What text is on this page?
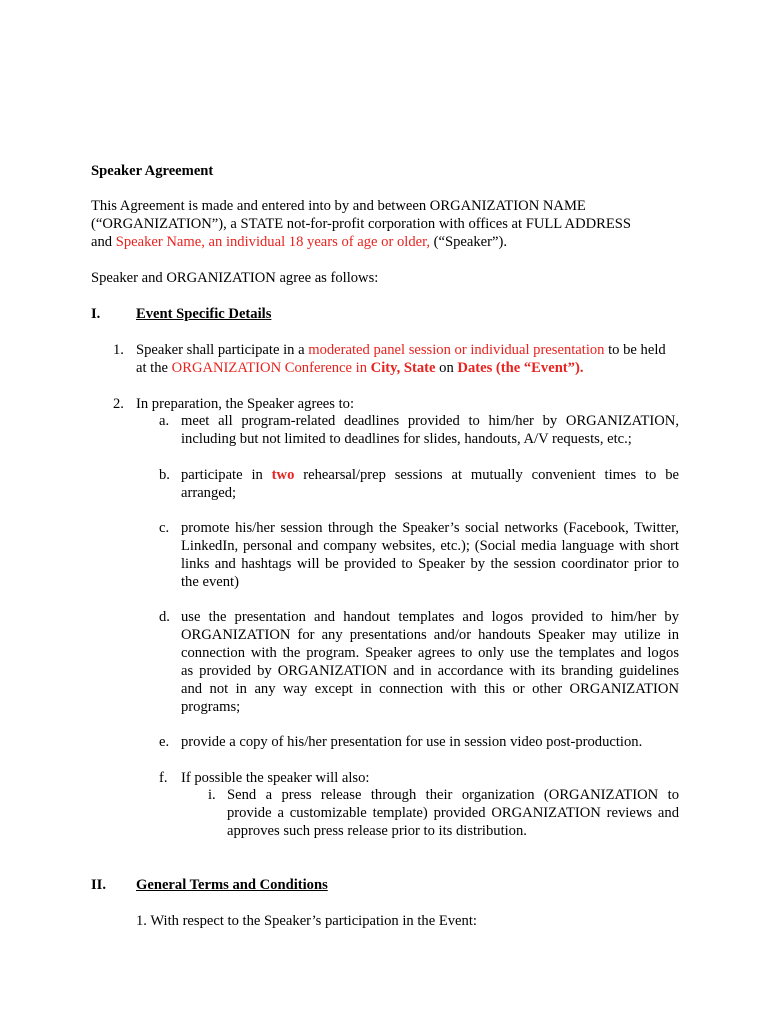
Speaker Agreement
This Agreement is made and entered into by and between ORGANIZATION NAME
(“ORGANIZATION”), a STATE not-for-profit corporation with offices at FULL ADDRESS
and Speaker Name, an individual 18 years of age or older, (“Speaker”).
Speaker and ORGANIZATION agree as follows:
I. Event Specific Details
1. Speaker shall participate in a moderated panel session or individual presentation to be held
at the ORGANIZATION Conference in City, State on Dates (the “Event”).
2. In preparation, the Speaker agrees to:
a. meet all program-related deadlines provided to him/her by ORGANIZATION,
including but not limited to deadlines for slides, handouts, A/V requests, etc.;
b. participate in two rehearsal/prep sessions at mutually convenient times to be
arranged;
c. promote his/her session through the Speaker’s social networks (Facebook, Twitter,
LinkedIn, personal and company websites, etc.); (Social media language with short
links and hashtags will be provided to Speaker by the session coordinator prior to
the event)
d. use the presentation and handout templates and logos provided to him/her by
ORGANIZATION for any presentations and/or handouts Speaker may utilize in
connection with the program. Speaker agrees to only use the templates and logos
as provided by ORGANIZATION and in accordance with its branding guidelines
and not in any way except in connection with this or other ORGANIZATION
programs;
e. provide a copy of his/her presentation for use in session video post-production.
f. If possible the speaker will also:
i. Send a press release through their organization (ORGANIZATION to
provide a customizable template) provided ORGANIZATION reviews and
approves such press release prior to its distribution.
II. General Terms and Conditions
1. With respect to the Speaker’s participation in the Event:
